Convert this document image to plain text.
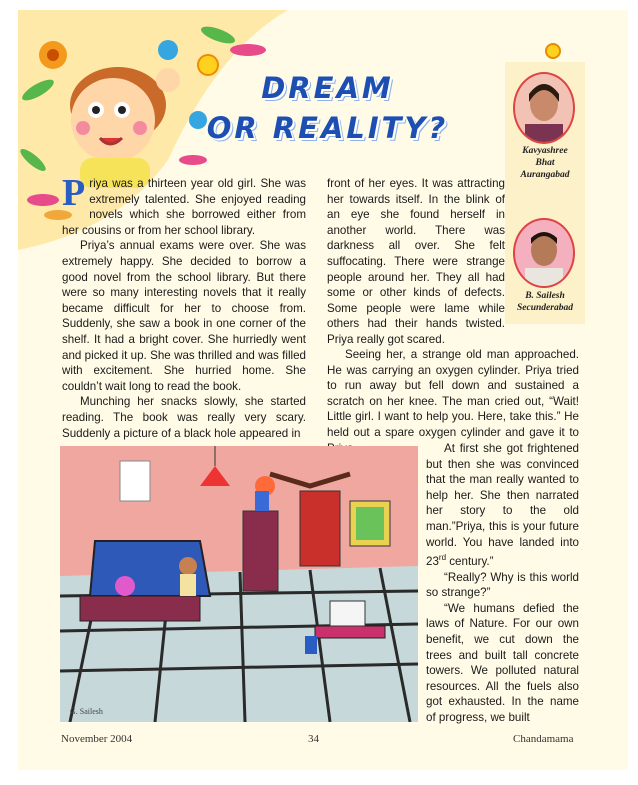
DREAM
OR REALITY?
Kavyashree
Bhat
Aurangabad
B. Sailesh
Secunderabad

Priya was a thirteen year old girl. She was extremely talented. She enjoyed reading novels which she borrowed either from her cousins or from her school library.

Priya’s annual exams were over. She was extremely happy. She decided to borrow a good novel from the school library. But there were so many interesting novels that it really became difficult for her to choose from. Suddenly, she saw a book in one corner of the shelf. It had a bright cover. She hurriedly went and picked it up. She was thrilled and was filled with excitement. She hurried home. She couldn’t wait long to read the book.

Munching her snacks slowly, she started reading. The book was really very scary. Suddenly a picture of a black hole appeared in

front of her eyes. It was attracting her towards itself. In the blink of an eye she found herself in another world. There was darkness all over. She felt suffocating. There were strange people around her. They all had some or other kinds of defects. Some people were lame while others had their hands twisted. Priya really got scared.

Seeing her, a strange old man approached. He was carrying an oxygen cylinder. Priya tried to run away but fell down and sustained a scratch on her knee. The man cried out, “Wait! Little girl. I want to help you. Here, take this.” He held out a spare oxygen cylinder and gave it to

At first she got frightened but then she was convinced that the man really wanted to help her. She then narrated her story to the old man.”Priya, this is your future world. You have landed into 23rd century.”

“Really? Why is this world so strange?”

“We humans defied the laws of Nature. For our own benefit, we cut down the trees and built tall concrete towers. We polluted natural resources. All the fuels also got exhausted. In the name of progress, we built

G. Sailesh
November 2004	34	Chandamama
